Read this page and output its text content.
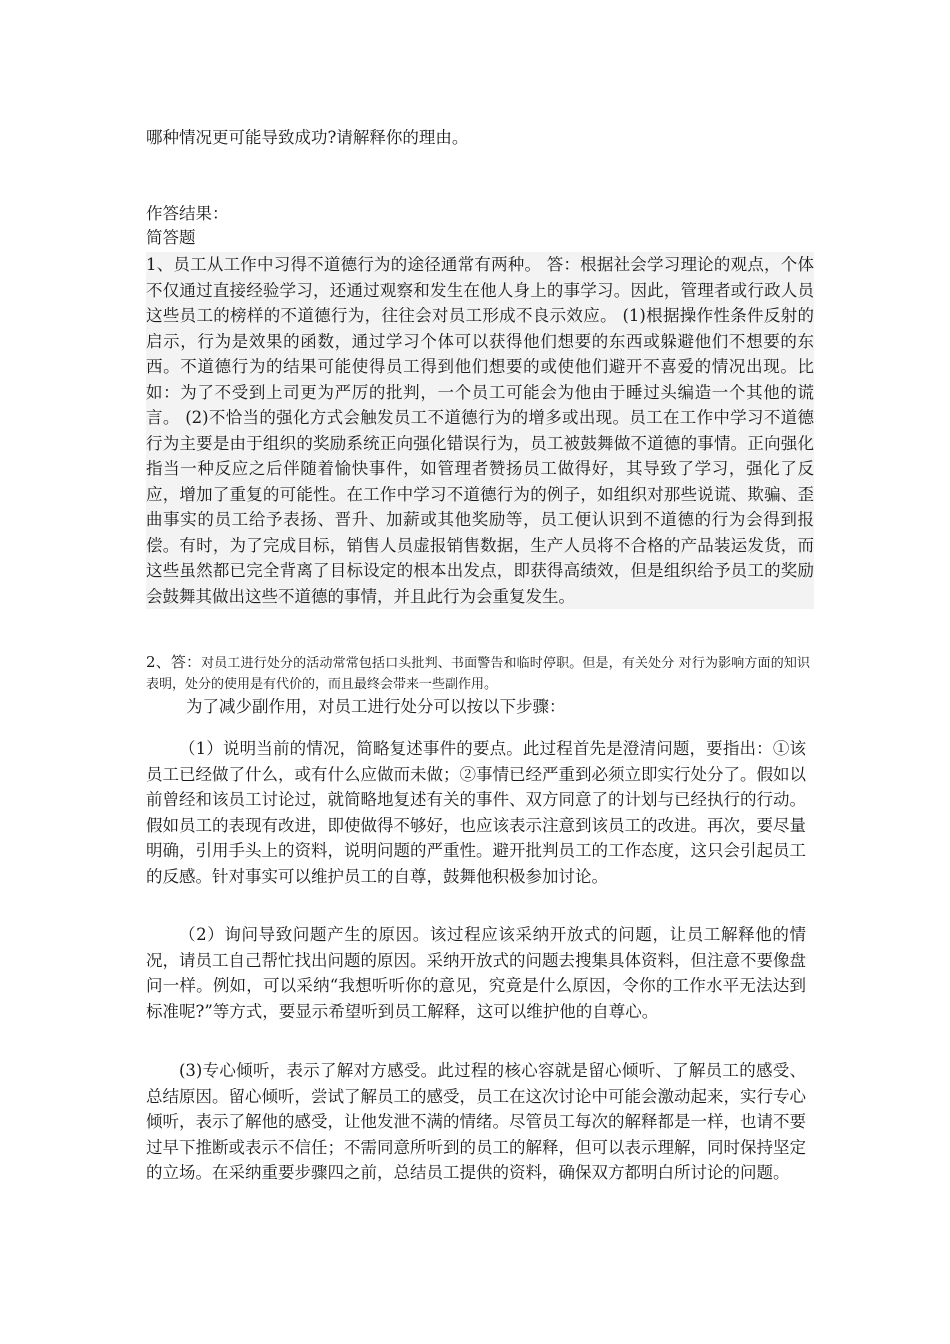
哪种情况更可能导致成功?请解释你的理由。
作答结果：
简答题

1、员工从工作中习得不道德行为的途径通常有两种。 答：根据社会学习理论的观点，个体不仅通过直接经验学习，还通过观察和发生在他人身上的事学习。因此，管理者或行政人员这些员工的榜样的不道德行为，往往会对员工形成不良示效应。 (1)根据操作性条件反射的启示，行为是效果的函数，通过学习个体可以获得他们想要的东西或躲避他们不想要的东西。不道德行为的结果可能使得员工得到他们想要的或使他们避开不喜爱的情况出现。比如：为了不受到上司更为严厉的批判，一个员工可能会为他由于睡过头编造一个其他的谎言。 (2)不恰当的强化方式会触发员工不道德行为的增多或出现。员工在工作中学习不道德行为主要是由于组织的奖励系统正向强化错误行为，员工被鼓舞做不道德的事情。正向强化指当一种反应之后伴随着愉快事件，如管理者赞扬员工做得好，其导致了学习，强化了反应，增加了重复的可能性。在工作中学习不道德行为的例子，如组织对那些说谎、欺骗、歪曲事实的员工给予表扬、晋升、加薪或其他奖励等，员工便认识到不道德的行为会得到报偿。有时，为了完成目标，销售人员虚报销售数据，生产人员将不合格的产品装运发货，而这些虽然都已完全背离了目标设定的根本出发点，即获得高绩效，但是组织给予员工的奖励会鼓舞其做出这些不道德的事情，并且此行为会重复发生。

2、答：对员工进行处分的活动常常包括口头批判、书面警告和临时停职。但是，有关处分 对行为影响方面的知识表明，处分的使用是有代价的，而且最终会带来一些副作用。

为了减少副作用，对员工进行处分可以按以下步骤：

（1）说明当前的情况，简略复述事件的要点。此过程首先是澄清问题，要指出：①该员工已经做了什么，或有什么应做而未做；②事情已经严重到必须立即实行处分了。假如以前曾经和该员工讨论过，就简略地复述有关的事件、双方同意了的计划与已经执行的行动。假如员工的表现有改进，即使做得不够好，也应该表示注意到该员工的改进。再次，要尽量明确，引用手头上的资料，说明问题的严重性。避开批判员工的工作态度，这只会引起员工的反感。针对事实可以维护员工的自尊，鼓舞他积极参加讨论。

（2）询问导致问题产生的原因。该过程应该采纳开放式的问题，让员工解释他的情况，请员工自己帮忙找出问题的原因。采纳开放式的问题去搜集具体资料，但注意不要像盘问一样。例如，可以采纳“我想听听你的意见，究竟是什么原因，令你的工作水平无法达到标准呢?”等方式，要显示希望听到员工解释，这可以维护他的自尊心。

(3)专心倾听，表示了解对方感受。此过程的核心容就是留心倾听、了解员工的感受、总结原因。留心倾听，尝试了解员工的感受，员工在这次讨论中可能会激动起来，实行专心倾听，表示了解他的感受，让他发泄不满的情绪。尽管员工每次的解释都是一样，也请不要过早下推断或表示不信任；不需同意所听到的员工的解释，但可以表示理解，同时保持坚定的立场。在采纳重要步骤四之前，总结员工提供的资料，确保双方都明白所讨论的问题。
